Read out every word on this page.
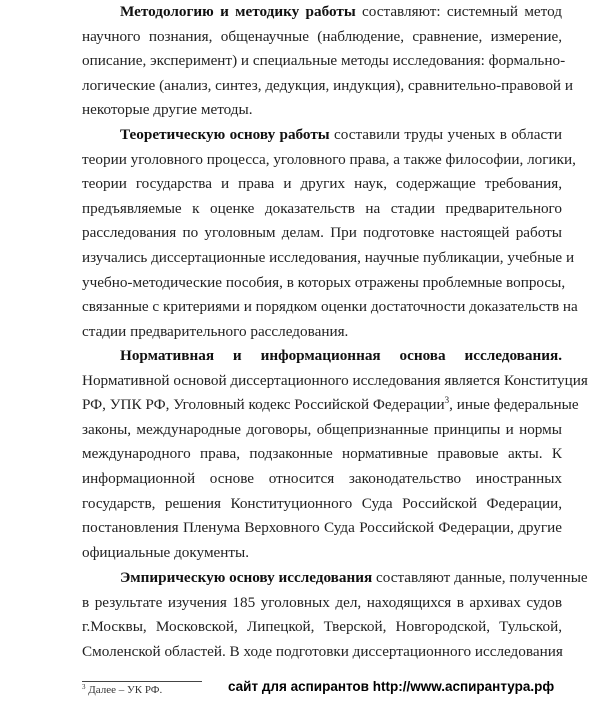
Методологию и методику работы составляют: системный метод
научного познания, общенаучные (наблюдение, сравнение, измерение,
описание, эксперимент) и специальные методы исследования: формально-
логические (анализ, синтез, дедукция, индукция), сравнительно-правовой и
некоторые другие методы.
Теоретическую основу работы составили труды ученых в области
теории уголовного процесса, уголовного права, а также философии, логики,
теории государства и права и других наук, содержащие требования,
предъявляемые к оценке доказательств на стадии предварительного
расследования по уголовным делам. При подготовке настоящей работы
изучались диссертационные исследования, научные публикации, учебные и
учебно-методические пособия, в которых отражены проблемные вопросы,
связанные с критериями и порядком оценки достаточности доказательств на
стадии предварительного расследования.
Нормативная и информационная основа исследования.
Нормативной основой диссертационного исследования является Конституция
РФ, УПК РФ, Уголовный кодекс Российской Федерации$^3$, иные федеральные
законы, международные договоры, общепризнанные принципы и нормы
международного права, подзаконные нормативные правовые акты. К
информационной основе относится законодательство иностранных
государств, решения Конституционного Суда Российской Федерации,
постановления Пленума Верховного Суда Российской Федерации, другие
официальные документы.
Эмпирическую основу исследования составляют данные, полученные
в результате изучения 185 уголовных дел, находящихся в архивах судов
г.Москвы, Московской, Липецкой, Тверской, Новгородской, Тульской,
Смоленской областей. В ходе подготовки диссертационного исследования
$^3$ Далее – УК РФ.	сайт для аспирантов http://www.аспирантура.рф
